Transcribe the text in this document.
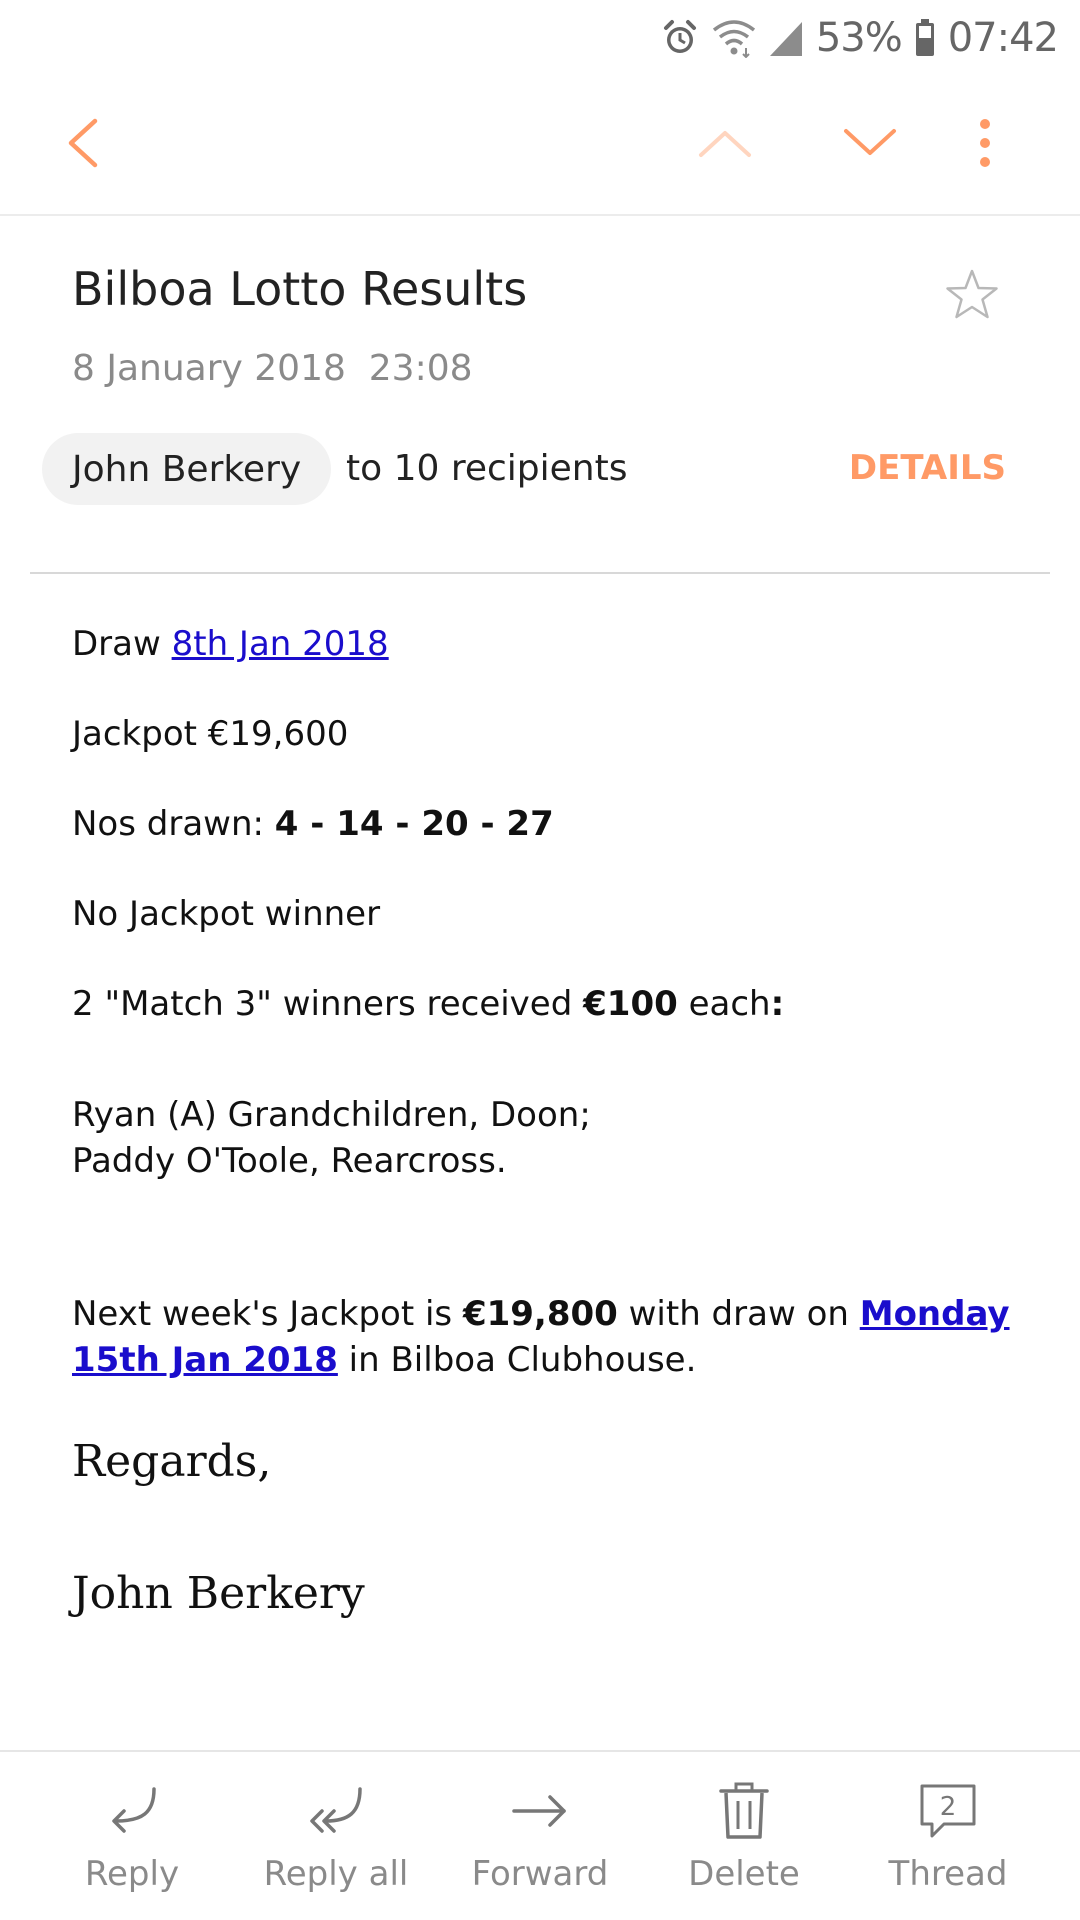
53% 07:42
Bilboa Lotto Results
8 January 2018  23:08
John Berkery	to 10 recipients	DETAILS
Draw 8th Jan 2018
Jackpot €19,600
Nos drawn: 4 - 14 - 20 - 27
No Jackpot winner
2 "Match 3" winners received €100 each:
Ryan (A) Grandchildren, Doon;
Paddy O'Toole, Rearcross.
Next week's Jackpot is €19,800 with draw on Monday
15th Jan 2018 in Bilboa Clubhouse.
Regards,
John Berkery
Reply Reply all Forward Delete
2
Thread
